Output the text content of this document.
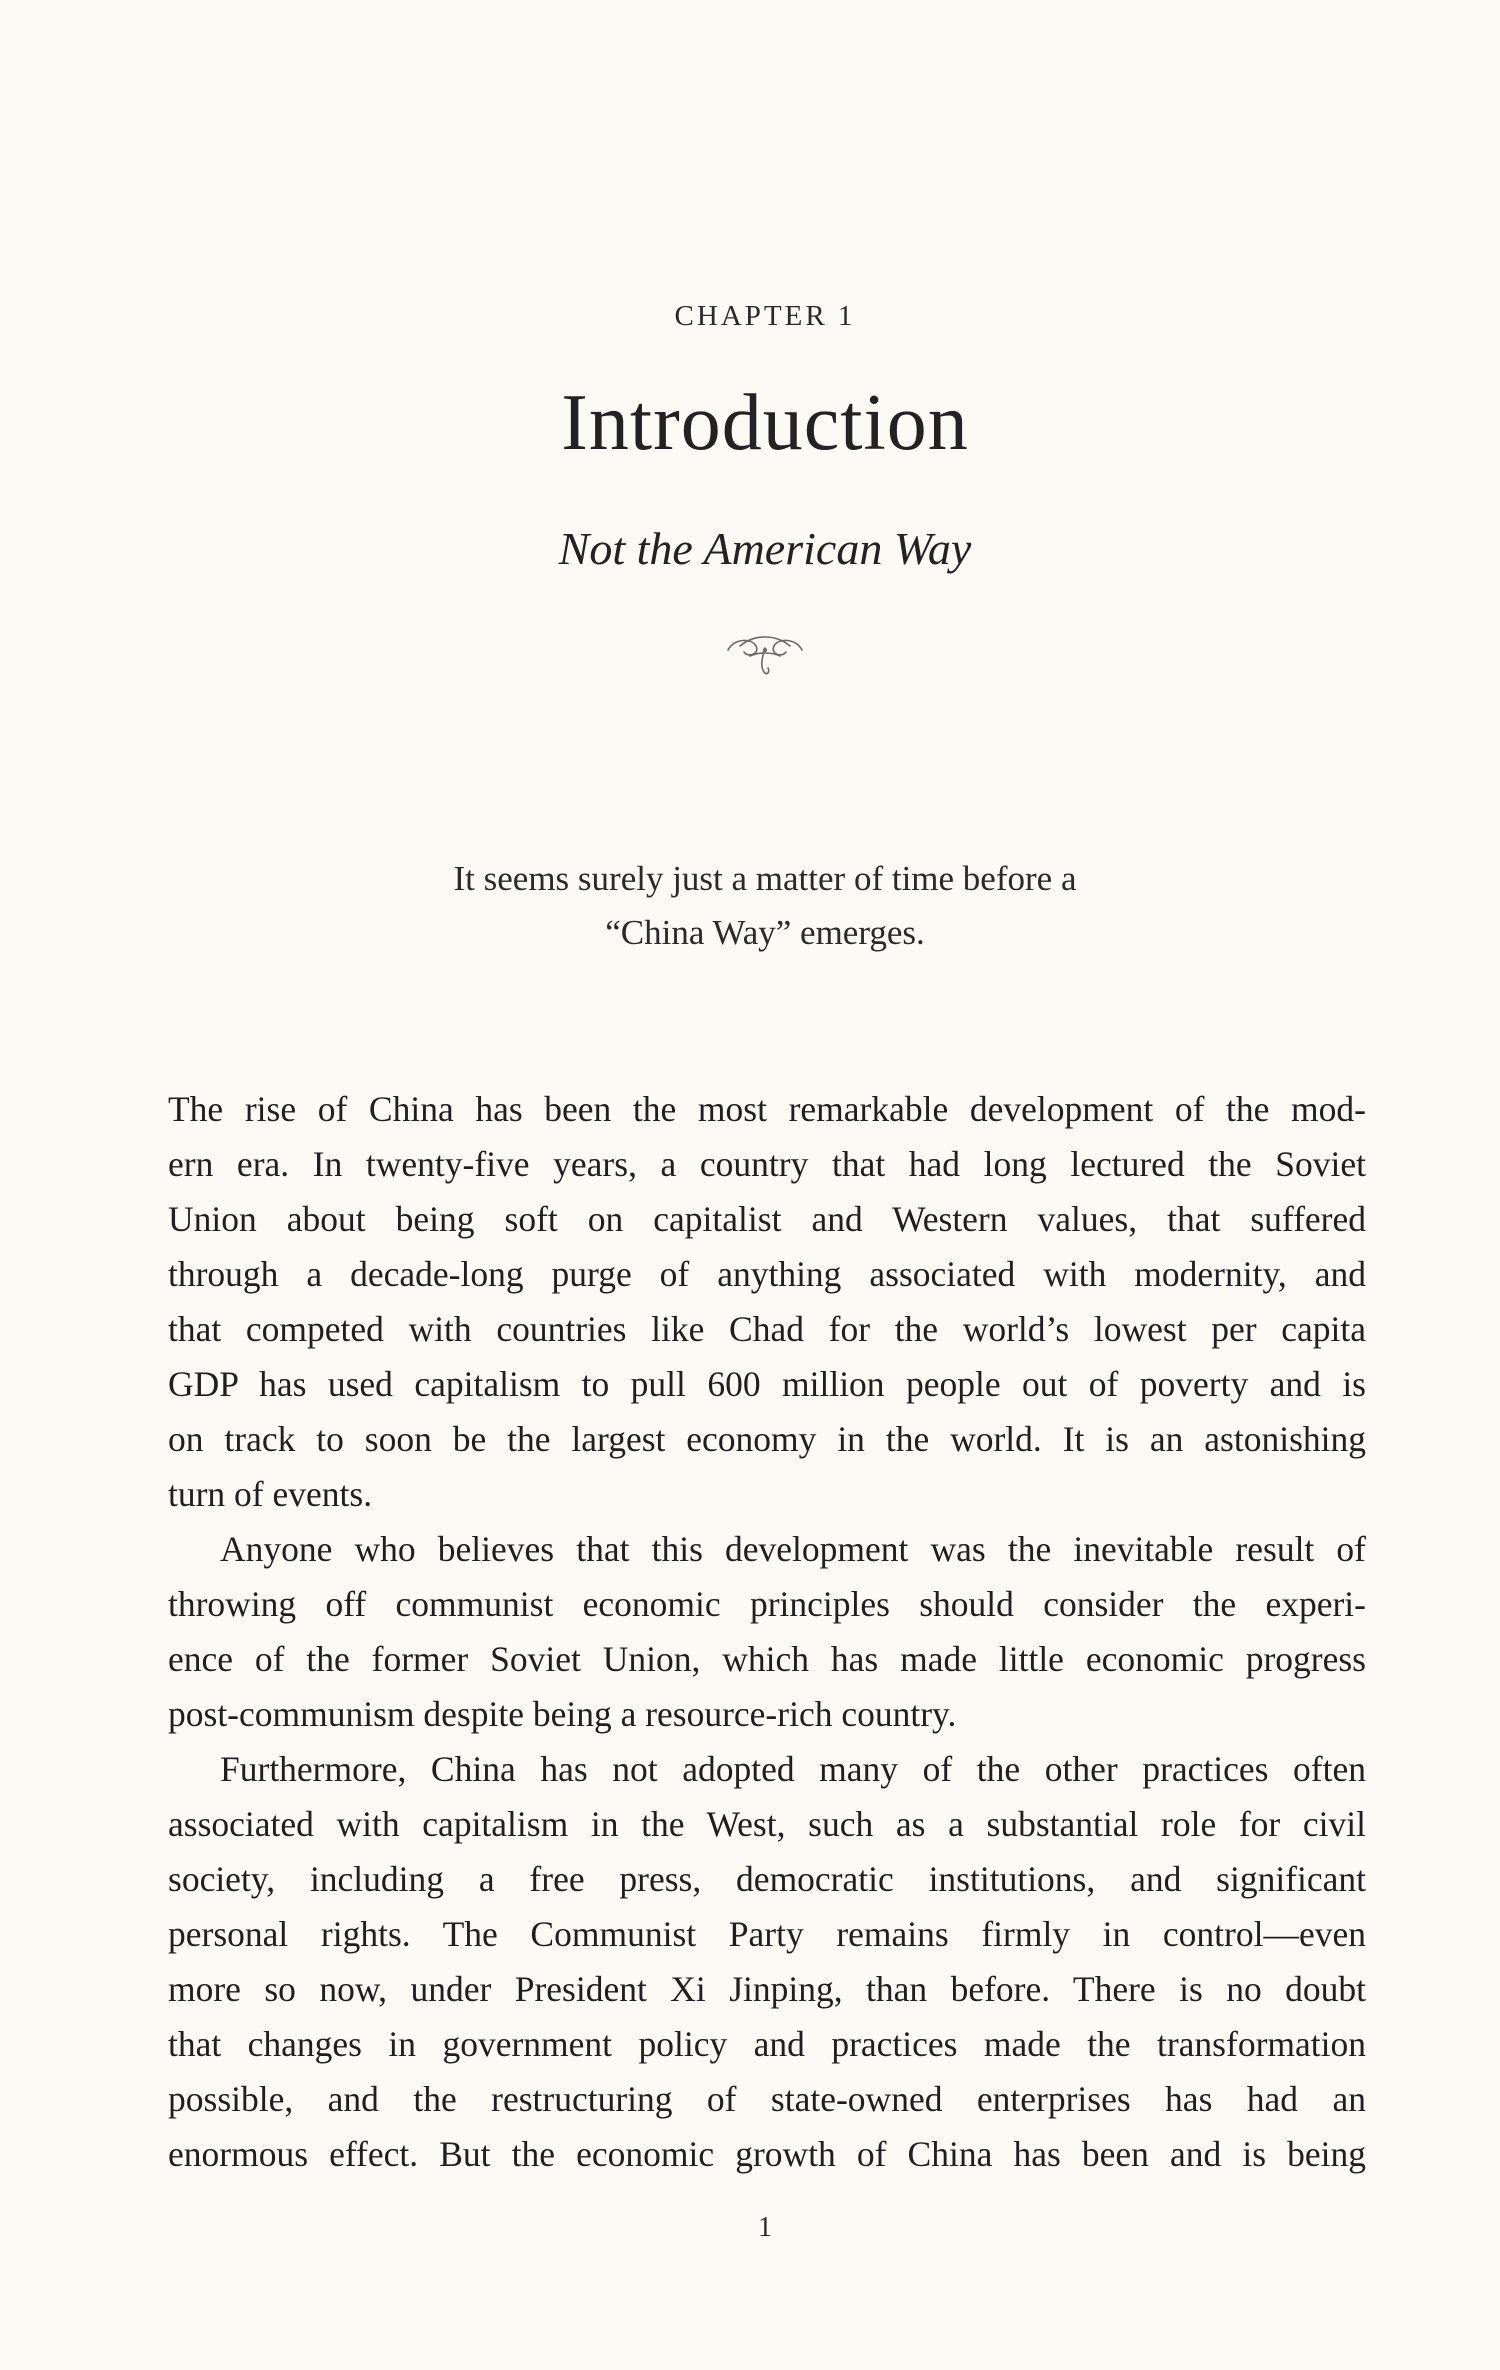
CHAPTER 1
Introduction
Not the American Way
It seems surely just a matter of time before a
“China Way” emerges.
The rise of China has been the most remarkable development of the mod-
ern era. In twenty-five years, a country that had long lectured the Soviet
Union about being soft on capitalist and Western values, that suffered
through a decade-long purge of anything associated with modernity, and
that competed with countries like Chad for the world’s lowest per capita
GDP has used capitalism to pull 600 million people out of poverty and is
on track to soon be the largest economy in the world. It is an astonishing
turn of events.
Anyone who believes that this development was the inevitable result of
throwing off communist economic principles should consider the experi-
ence of the former Soviet Union, which has made little economic progress
post-communism despite being a resource-rich country.
Furthermore, China has not adopted many of the other practices often
associated with capitalism in the West, such as a substantial role for civil
society, including a free press, democratic institutions, and significant
personal rights. The Communist Party remains firmly in control—even
more so now, under President Xi Jinping, than before. There is no doubt
that changes in government policy and practices made the transformation
possible, and the restructuring of state-owned enterprises has had an
enormous effect. But the economic growth of China has been and is being
1
